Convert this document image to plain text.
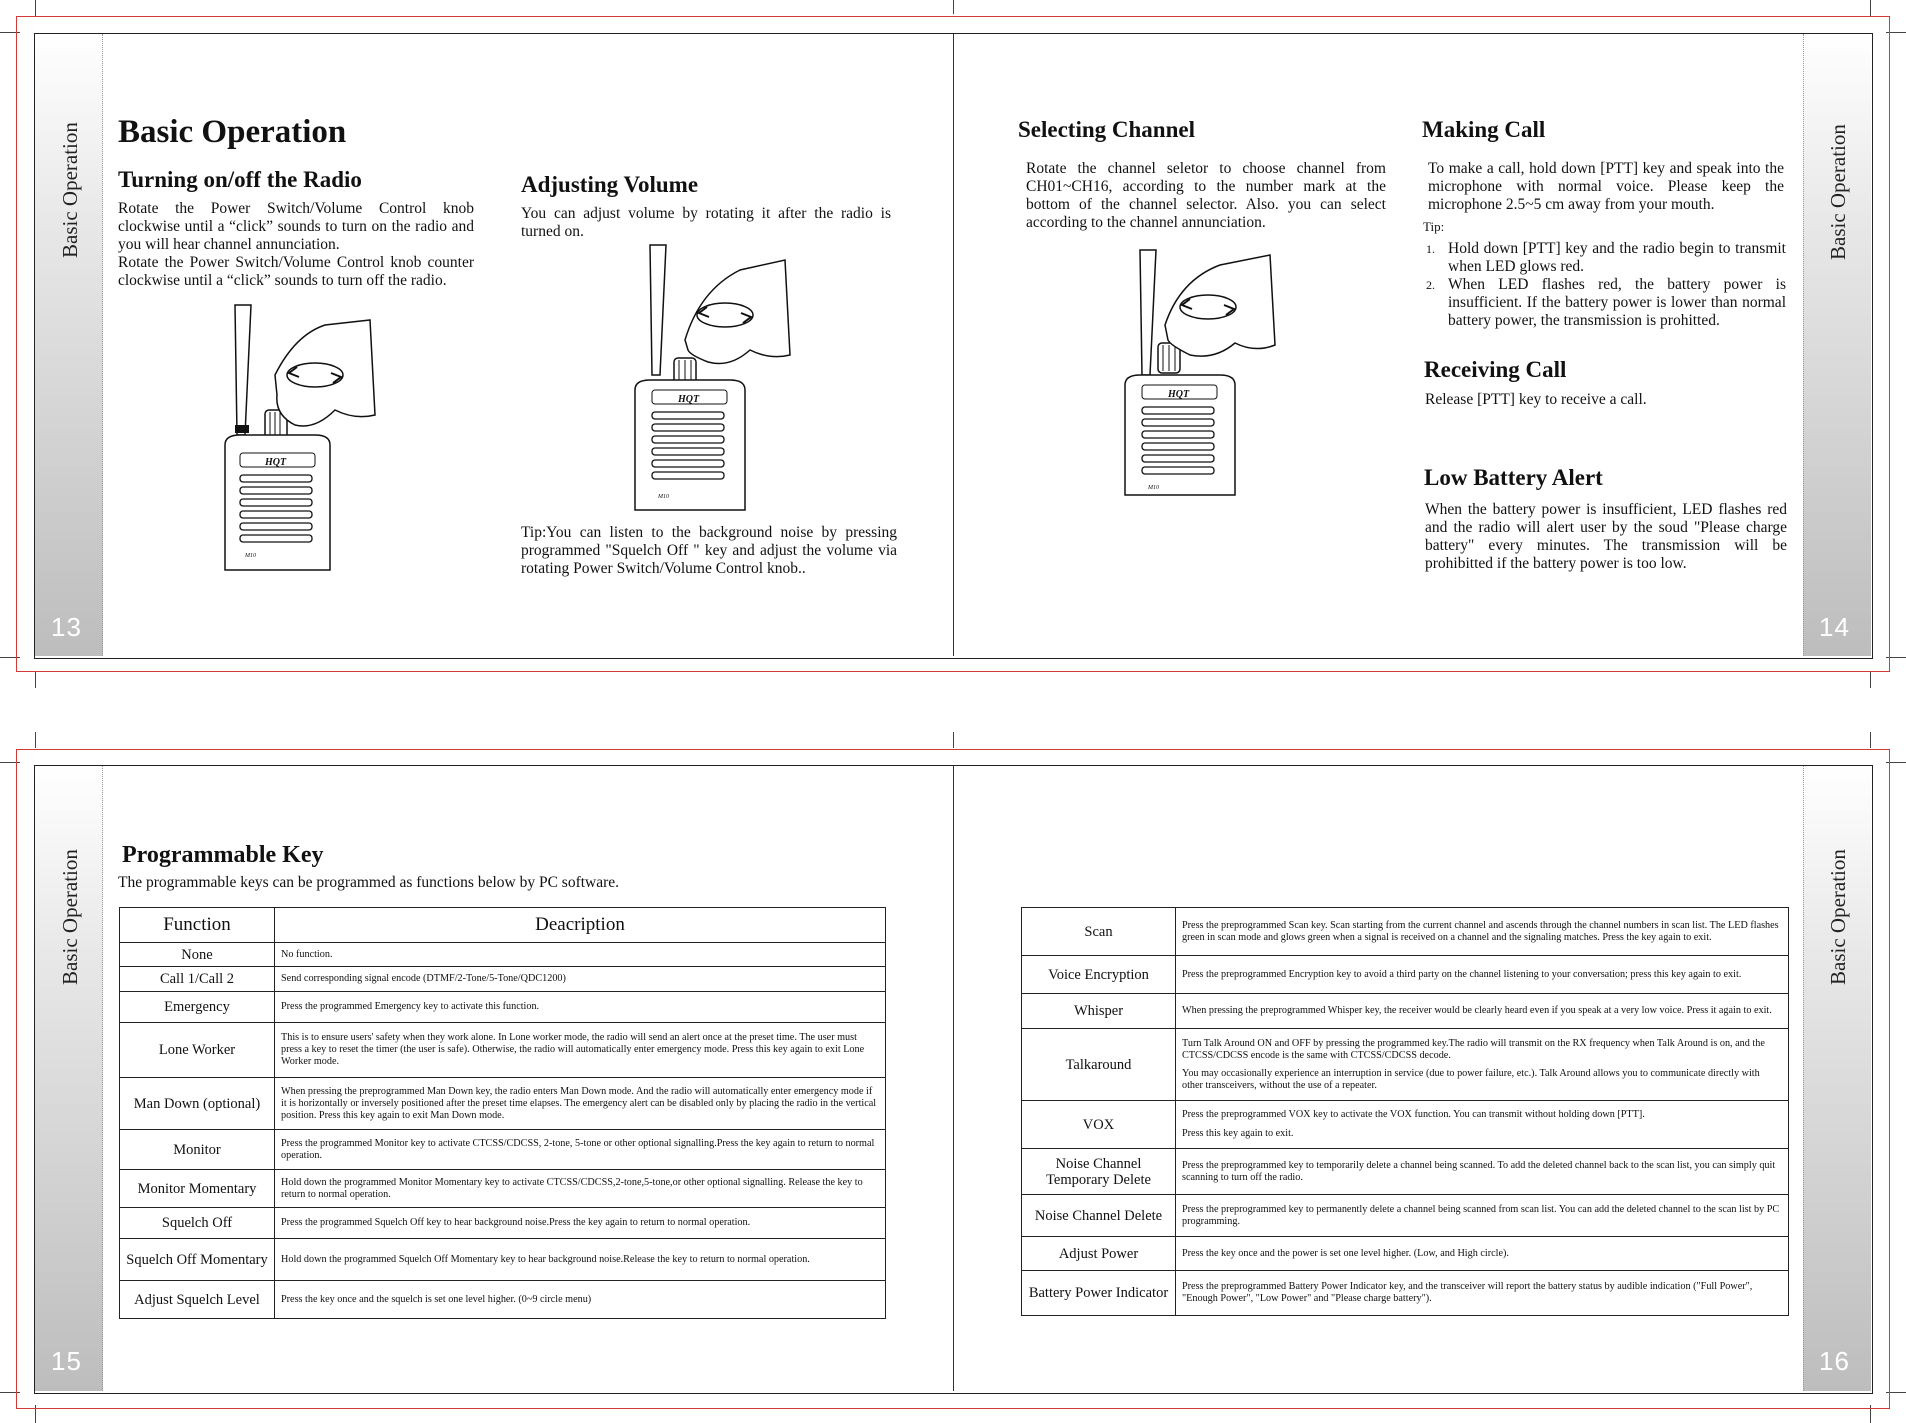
Basic Operation	Basic Operation
13	14
Basic Operation
Turning on/off the Radio
Rotate the Power Switch/Volume Control knob clockwise until a “click” sounds to turn on the radio and you will hear channel annunciation.
Rotate the Power Switch/Volume Control knob counter clockwise until a “click” sounds to turn off the radio.
Adjusting Volume
You can adjust volume by rotating it after the radio is turned on.
Tip:You can listen to the background noise by pressing programmed "Squelch Off " key and adjust the volume via rotating Power Switch/Volume Control knob..
HQT
M10
HQT
M10
Selecting Channel
Rotate the channel seletor to choose channel from CH01~CH16, according to the number mark at the bottom of the channel selector. Also. you can select according to the channel annunciation.
HQT
M10
Making Call
To make a call, hold down [PTT] key and speak into the microphone with normal voice. Please keep the microphone 2.5~5 cm away from your mouth.
Tip:
1. Hold down [PTT] key and the radio begin to transmit when LED glows red.
2. When LED flashes red, the battery power is insufficient. If the battery power is lower than normal battery power, the transmission is prohitted.
Receiving Call
Release [PTT] key to receive a call.
Low Battery Alert
When the battery power is insufficient, LED flashes red and the radio will alert user by the soud "Please charge battery" every minutes. The transmission will be prohibitted if the battery power is too low.
Basic Operation	Basic Operation
15	16
Programmable Key
The programmable keys can be programmed as functions below by PC software.
Function	Deacription
None	No function.
Call 1/Call 2	Send corresponding signal encode (DTMF/2-Tone/5-Tone/QDC1200)
Emergency	Press the programmed Emergency key to activate this function.
Lone Worker	This is to ensure users' safety when they work alone. In Lone worker mode, the radio will send an alert once at the preset time. The user must press a key to reset the timer (the user is safe). Otherwise, the radio will automatically enter emergency mode. Press this key again to exit Lone Worker mode.
Man Down (optional)	When pressing the preprogrammed Man Down key, the radio enters Man Down mode. And the radio will automatically enter emergency mode if it is horizontally or inversely positioned after the preset time elapses. The emergency alert can be disabled only by placing the radio in the vertical position. Press this key again to exit Man Down mode.
Monitor	Press the programmed Monitor key to activate CTCSS/CDCSS, 2-tone, 5-tone or other optional signalling.Press the key again to return to normal operation.
Monitor Momentary	Hold down the programmed Monitor Momentary key to activate CTCSS/CDCSS,2-tone,5-tone,or other optional signalling. Release the key to return to normal operation.
Squelch Off	Press the programmed Squelch Off key to hear background noise.Press the key again to return to normal operation.
Squelch Off Momentary	Hold down the programmed Squelch Off Momentary key to hear background noise.Release the key to return to normal operation.
Adjust Squelch Level	Press the key once and the squelch is set one level higher. (0~9 circle menu)
Scan	Press the preprogrammed Scan key. Scan starting from the current channel and ascends through the channel numbers in scan list. The LED flashes green in scan mode and glows green when a signal is received on a channel and the signaling matches. Press the key again to exit.
Voice Encryption	Press the preprogrammed Encryption key to avoid a third party on the channel listening to your conversation; press this key again to exit.
Whisper	When pressing the preprogrammed Whisper key, the receiver would be clearly heard even if you speak at a very low voice. Press it again to exit.
Talkaround	Turn Talk Around ON and OFF by pressing the programmed key.The radio will transmit on the RX frequency when Talk Around is on, and the CTCSS/CDCSS encode is the same with CTCSS/CDCSS decode.
You may occasionally experience an interruption in service (due to power failure, etc.). Talk Around allows you to communicate directly with other transceivers, without the use of a repeater.

VOX	Press the preprogrammed VOX key to activate the VOX function. You can transmit without holding down [PTT].
Press this key again to exit.

Noise Channel Temporary Delete	Press the preprogrammed key to temporarily delete a channel being scanned. To add the deleted channel back to the scan list, you can simply quit scanning to turn off the radio.
Noise Channel Delete	Press the preprogrammed key to permanently delete a channel being scanned from scan list. You can add the deleted channel to the scan list by PC programming.
Adjust Power	Press the key once and the power is set one level higher. (Low, and High circle).
Battery Power Indicator	Press the preprogrammed Battery Power Indicator key, and the transceiver will report the battery status by audible indication ("Full Power", "Enough Power", "Low Power" and "Please charge battery").
